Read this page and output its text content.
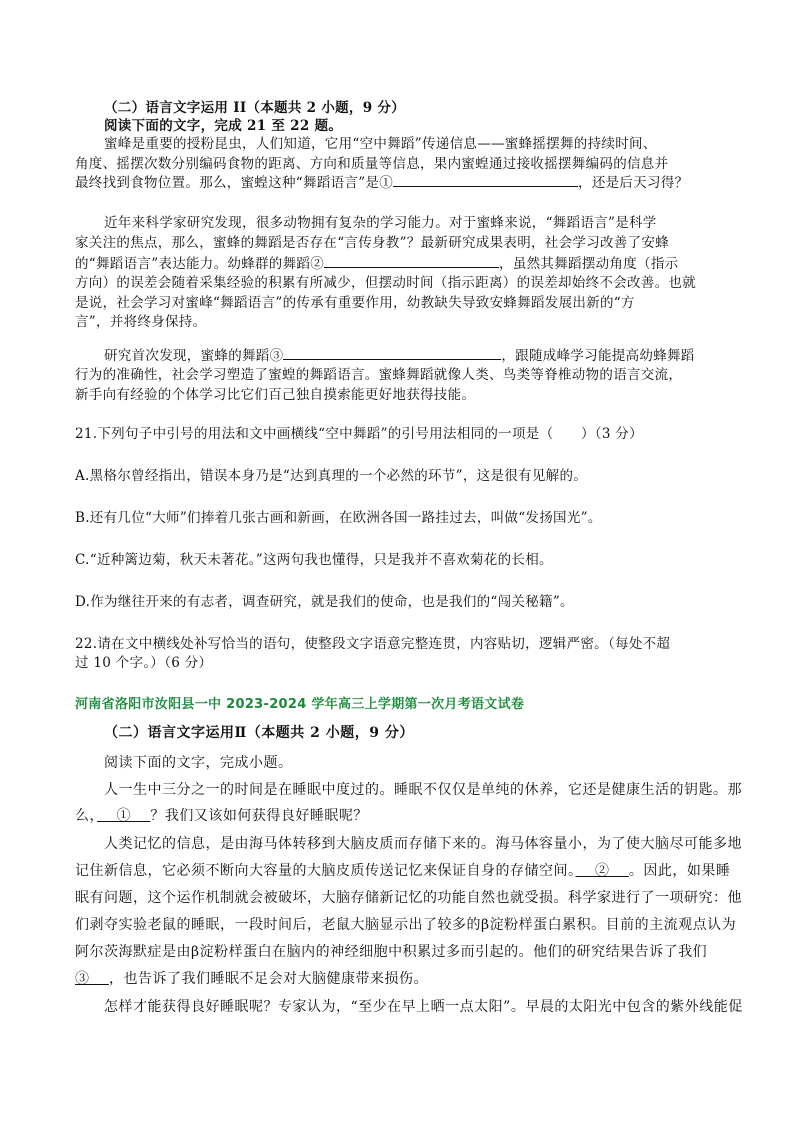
（二）语言文字运用 II（本题共 2 小题，9 分）
阅读下面的文字，完成 21 至 22 题。
蜜峰是重要的授粉昆虫，人们知道，它用“空中舞蹈”传递信息——蜜蜂摇摆舞的持续时间、
角度、摇摆次数分别编码食物的距离、方向和质量等信息，果内蜜蝗通过接收摇摆舞编码的信息并
最终找到食物位置。那么，蜜蝗这种“舞蹈语言”是①	，还是后天习得？
近年来科学家研究发现，很多动物拥有复杂的学习能力。对于蜜蜂来说，“舞蹈语言”是科学
家关注的焦点，那么，蜜蜂的舞蹈是否存在“言传身教”？最新研究成果表明，社会学习改善了安蜂
的“舞蹈语言”表达能力。幼蜂群的舞蹈②	，虽然其舞蹈摆动角度（指示
方向）的误差会随着采集经验的积累有所减少，但摆动时间（指示距离）的误差却始终不会改善。也就
是说，社会学习对蜜峰“舞蹈语言”的传承有重要作用，幼教缺失导致安蜂舞蹈发展出新的“方
言”，并将终身保持。
研究首次发现，蜜蜂的舞蹈③	，跟随成峰学习能提高幼蜂舞蹈
行为的准确性，社会学习塑造了蜜蝗的舞蹈语言。蜜蜂舞蹈就像人类、鸟类等脊椎动物的语言交流，
新手向有经验的个体学习比它们百己独自摸索能更好地获得技能。
21.下列句子中引号的用法和文中画横线“空中舞蹈”的引号用法相同的一项是（　　）（3 分）
A.黑格尔曾经指出，错误本身乃是“达到真理的一个必然的环节”，这是很有见解的。
B.还有几位“大师”们捧着几张古画和新画，在欧洲各国一路挂过去，叫做“发扬国光”。
C.“近种篱边菊，秋天未著花。”这两句我也懂得，只是我并不喜欢菊花的长相。
D.作为继往开来的有志者，调查研究，就是我们的使命，也是我们的“闯关秘籍”。
22.请在文中横线处补写恰当的语句，使整段文字语意完整连贯，内容贴切，逻辑严密。（每处不超
过 10 个字。）（6 分）
河南省洛阳市汝阳县一中 2023-2024 学年高三上学期第一次月考语文试卷
（二）语言文字运用Ⅱ（本题共 2 小题，9 分）
阅读下面的文字，完成小题。
人一生中三分之一的时间是在睡眠中度过的。睡眠不仅仅是单纯的休养，它还是健康生活的钥匙。那
么，　 ①　 ？我们又该如何获得良好睡眠呢？
人类记忆的信息，是由海马体转移到大脑皮质而存储下来的。海马体容量小，为了使大脑尽可能多地
记住新信息，它必须不断向大容量的大脑皮质传送记忆来保证自身的存储空间。　 ②　 。因此，如果睡
眠有问题，这个运作机制就会被破坏，大脑存储新记忆的功能自然也就受损。科学家进行了一项研究：他
们剥夺实验老鼠的睡眠，一段时间后，老鼠大脑显示出了较多的β淀粉样蛋白累积。目前的主流观点认为
阿尔茨海默症是由β淀粉样蛋白在脑内的神经细胞中积累过多而引起的。他们的研究结果告诉了我们
③　 ，也告诉了我们睡眠不足会对大脑健康带来损伤。
怎样才能获得良好睡眠呢？专家认为，“至少在早上晒一点太阳”。早晨的太阳光中包含的紫外线能促
